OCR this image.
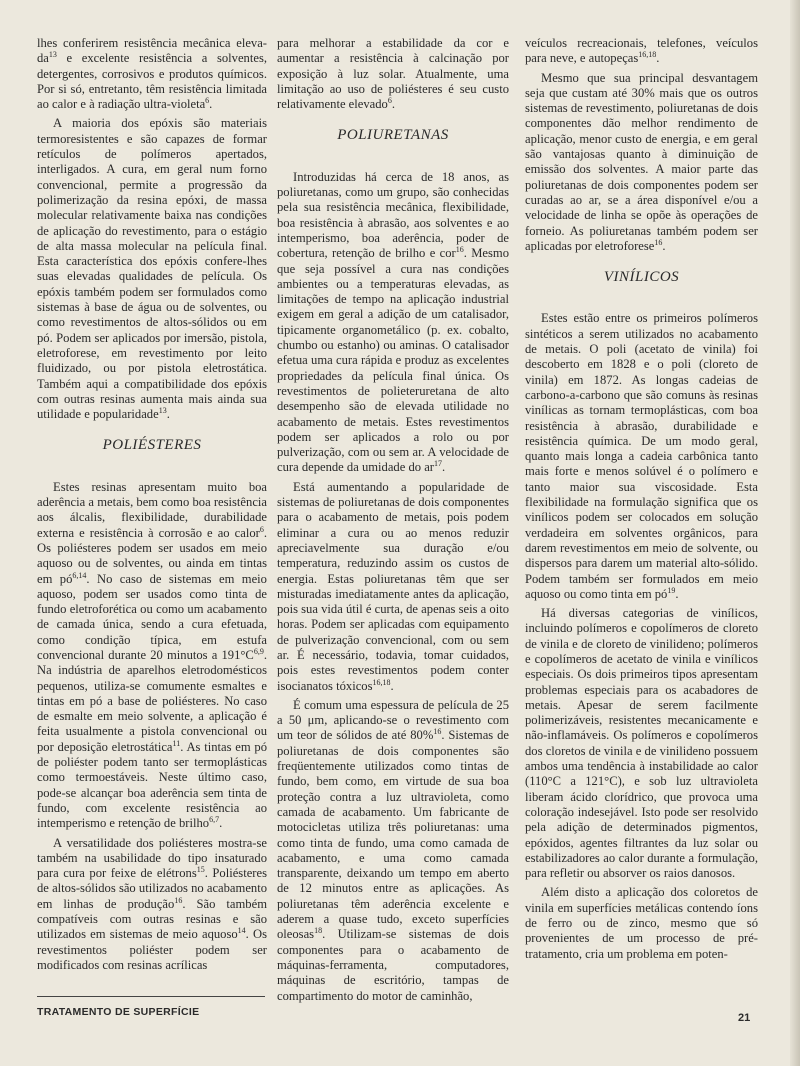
lhes conferirem resistência mecânica eleva-$da^{13}$ e excelente resistência a solventes, detergentes, corrosivos e produtos químicos. Por si só, entretanto, têm resistência limitada ao calor e à radiação ultra-violeta$^6$.

A maioria dos epóxis são materiais termoresistentes e são capazes de formar retículos de polímeros apertados, interligados. A cura, em geral num forno convencional, permite a progressão da polimerização da resina epóxi, de massa molecular relativamente baixa nas condições de aplicação do revestimento, para o estágio de alta massa molecular na película final. Esta característica dos epóxis confere-lhes suas elevadas qualidades de película. Os epóxis também podem ser formulados como sistemas à base de água ou de solventes, ou como revestimentos de altos-sólidos ou em pó. Podem ser aplicados por imersão, pistola, eletroforese, em revestimento por leito fluidizado, ou por pistola eletrostática. Também aqui a compatibilidade dos epóxis com outras resinas aumenta mais ainda sua utilidade e popularidade$^{13}$.

POLIÉSTERES

Estes resinas apresentam muito boa aderência a metais, bem como boa resistência aos álcalis, flexibilidade, durabilidade externa e resistência à corrosão e ao calor$^6$. Os poliésteres podem ser usados em meio aquoso ou de solventes, ou ainda em tintas em pó$^{6,14}$. No caso de sistemas em meio aquoso, podem ser usados como tinta de fundo eletroforética ou como um acabamento de camada única, sendo a cura efetuada, como condição típica, em estufa convencional durante 20 minutos a $191^\circ C^{6,9}$. Na indústria de aparelhos eletrodomésticos pequenos, utiliza-se comumente esmaltes e tintas em pó a base de poliésteres. No caso de esmalte em meio solvente, a aplicação é feita usualmente a pistola convencional ou por deposição eletrostática$^{11}$. As tintas em pó de poliéster podem tanto ser termoplásticas como termoestáveis. Neste último caso, pode-se alcançar boa aderência sem tinta de fundo, com excelente resistência ao intemperismo e retenção de brilho$^{6,7}$.

A versatilidade dos poliésteres mostra-se também na usabilidade do tipo insaturado para cura por feixe de elétrons$^{15}$. Poliésteres de altos-sólidos são utilizados no acabamento em linhas de produção$^{16}$. São também compatíveis com outras resinas e são utilizados em sistemas de meio aquoso$^{14}$. Os revestimentos poliéster podem ser modificados com resinas acrílicas

para melhorar a estabilidade da cor e aumentar a resistência à calcinação por exposição à luz solar. Atualmente, uma limitação ao uso de poliésteres é seu custo relativamente elevado$^6$.

POLIURETANAS

Introduzidas há cerca de 18 anos, as poliuretanas, como um grupo, são conhecidas pela sua resistência mecânica, flexibilidade, boa resistência à abrasão, aos solventes e ao intemperismo, boa aderência, poder de cobertura, retenção de brilho e cor$^{16}$. Mesmo que seja possível a cura nas condições ambientes ou a temperaturas elevadas, as limitações de tempo na aplicação industrial exigem em geral a adição de um catalisador, tipicamente organometálico (p. ex. cobalto, chumbo ou estanho) ou aminas. O catalisador efetua uma cura rápida e produz as excelentes propriedades da película final única. Os revestimentos de polieteruretana de alto desempenho são de elevada utilidade no acabamento de metais. Estes revestimentos podem ser aplicados a rolo ou por pulverização, com ou sem ar. A velocidade de cura depende da umidade do $ar^{17}$.

Está aumentando a popularidade de sistemas de poliuretanas de dois componentes para o acabamento de metais, pois podem eliminar a cura ou ao menos reduzir apreciavelmente sua duração e/ou temperatura, reduzindo assim os custos de energia. Estas poliuretanas têm que ser misturadas imediatamente antes da aplicação, pois sua vida útil é curta, de apenas seis a oito horas. Podem ser aplicadas com equipamento de pulverização convencional, com ou sem ar. É necessário, todavia, tomar cuidados, pois estes revestimentos podem conter isocianatos tóxicos$^{16,18}$.

É comum uma espessura de película de 25 a 50 μm, aplicando-se o revestimento com um teor de sólidos de até 80%$^{16}$. Sistemas de poliuretanas de dois componentes são freqüentemente utilizados como tintas de fundo, bem como, em virtude de sua boa proteção contra a luz ultravioleta, como camada de acabamento. Um fabricante de motocicletas utiliza três poliuretanas: uma como tinta de fundo, uma como camada de acabamento, e uma como camada transparente, deixando um tempo em aberto de 12 minutos entre as aplicações. As poliuretanas têm aderência excelente e aderem a quase tudo, exceto superfícies oleosas$^{18}$. Utilizam-se sistemas de dois componentes para o acabamento de máquinas-ferramenta, computadores, máquinas de escritório, tampas de compartimento do motor de caminhão,

veículos recreacionais, telefones, veículos para neve, e autopeças$^{16,18}$.

Mesmo que sua principal desvantagem seja que custam até 30% mais que os outros sistemas de revestimento, poliuretanas de dois componentes dão melhor rendimento de aplicação, menor custo de energia, e em geral são vantajosas quanto à diminuição de emissão dos solventes. A maior parte das poliuretanas de dois componentes podem ser curadas ao ar, se a área disponível e/ou a velocidade de linha se opõe às operações de forneio. As poliuretanas também podem ser aplicadas por eletroforese$^{16}$.

VINÍLICOS

Estes estão entre os primeiros polímeros sintéticos a serem utilizados no acabamento de metais. O poli (acetato de vinila) foi descoberto em 1828 e o poli (cloreto de vinila) em 1872. As longas cadeias de carbono-a-carbono que são comuns às resinas vinílicas as tornam termoplásticas, com boa resistência à abrasão, durabilidade e resistência química. De um modo geral, quanto mais longa a cadeia carbônica tanto mais forte e menos solúvel é o polímero e tanto maior sua viscosidade. Esta flexibilidade na formulação significa que os vinílicos podem ser colocados em solução verdadeira em solventes orgânicos, para darem revestimentos em meio de solvente, ou dispersos para darem um material alto-sólido. Podem também ser formulados em meio aquoso ou como tinta em $pó^{19}$.

Há diversas categorias de vinílicos, incluindo polímeros e copolímeros de cloreto de vinila e de cloreto de vinilideno; polímeros e copolímeros de acetato de vinila e vinílicos especiais. Os dois primeiros tipos apresentam problemas especiais para os acabadores de metais. Apesar de serem facilmente polimerizáveis, resistentes mecanicamente e não-inflamáveis. Os polímeros e copolímeros dos cloretos de vinila e de vinilideno possuem ambos uma tendência à instabilidade ao calor (110°C a 121°C), e sob luz ultravioleta liberam ácido clorídrico, que provoca uma coloração indesejável. Isto pode ser resolvido pela adição de determinados pigmentos, epóxidos, agentes filtrantes da luz solar ou estabilizadores ao calor durante a formulação, para refletir ou absorver os raios danosos.

Além disto a aplicação dos coloretos de vinila em superfícies metálicas contendo íons de ferro ou de zinco, mesmo que só provenientes de um processo de pré-tratamento, cria um problema em poten-

TRATAMENTO DE SUPERFÍCIE	21
